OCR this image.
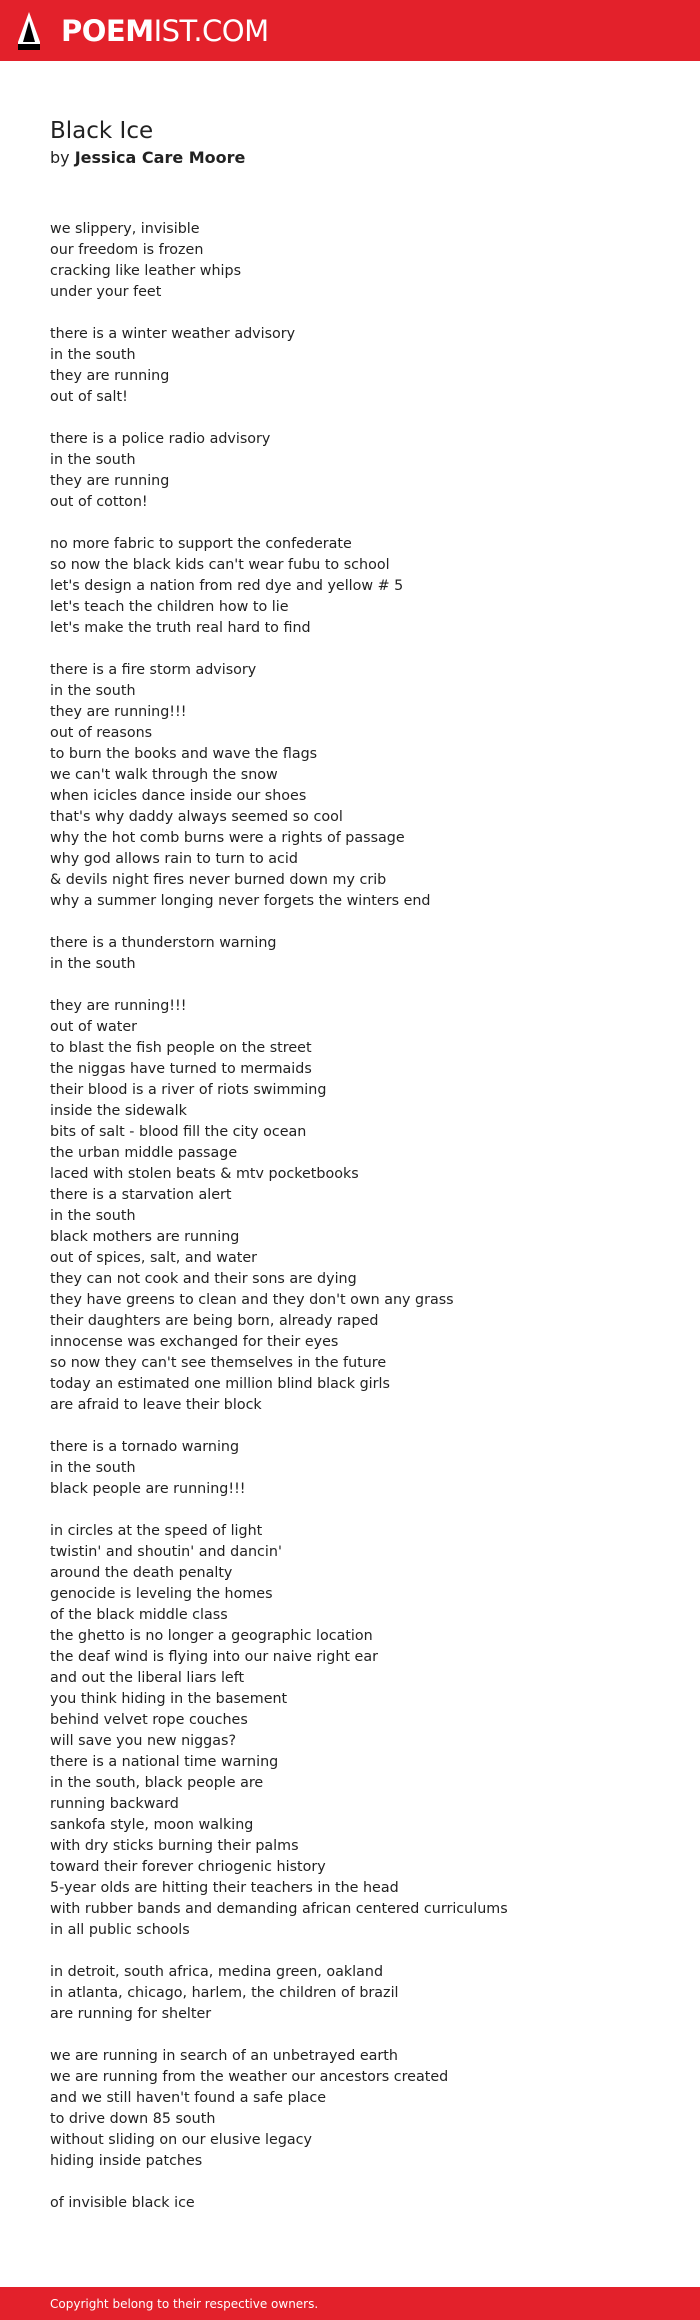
POEMIST.COM
Black Ice
by Jessica Care Moore
we slippery, invisible
our freedom is frozen
cracking like leather whips
under your feet
there is a winter weather advisory
in the south
they are running
out of salt!
there is a police radio advisory
in the south
they are running
out of cotton!
no more fabric to support the confederate
so now the black kids can't wear fubu to school
let's design a nation from red dye and yellow # 5
let's teach the children how to lie
let's make the truth real hard to find
there is a fire storm advisory
in the south
they are running!!!
out of reasons
to burn the books and wave the flags
we can't walk through the snow
when icicles dance inside our shoes
that's why daddy always seemed so cool
why the hot comb burns were a rights of passage
why god allows rain to turn to acid
& devils night fires never burned down my crib
why a summer longing never forgets the winters end
there is a thunderstorn warning
in the south
they are running!!!
out of water
to blast the fish people on the street
the niggas have turned to mermaids
their blood is a river of riots swimming
inside the sidewalk
bits of salt - blood fill the city ocean
the urban middle passage
laced with stolen beats & mtv pocketbooks
there is a starvation alert
in the south
black mothers are running
out of spices, salt, and water
they can not cook and their sons are dying
they have greens to clean and they don't own any grass
their daughters are being born, already raped
innocense was exchanged for their eyes
so now they can't see themselves in the future
today an estimated one million blind black girls
are afraid to leave their block
there is a tornado warning
in the south
black people are running!!!
in circles at the speed of light
twistin' and shoutin' and dancin'
around the death penalty
genocide is leveling the homes
of the black middle class
the ghetto is no longer a geographic location
the deaf wind is flying into our naive right ear
and out the liberal liars left
you think hiding in the basement
behind velvet rope couches
will save you new niggas?
there is a national time warning
in the south, black people are
running backward
sankofa style, moon walking
with dry sticks burning their palms
toward their forever chriogenic history
5-year olds are hitting their teachers in the head
with rubber bands and demanding african centered curriculums
in all public schools
in detroit, south africa, medina green, oakland
in atlanta, chicago, harlem, the children of brazil
are running for shelter
we are running in search of an unbetrayed earth
we are running from the weather our ancestors created
and we still haven't found a safe place
to drive down 85 south
without sliding on our elusive legacy
hiding inside patches
of invisible black ice
Copyright belong to their respective owners.
